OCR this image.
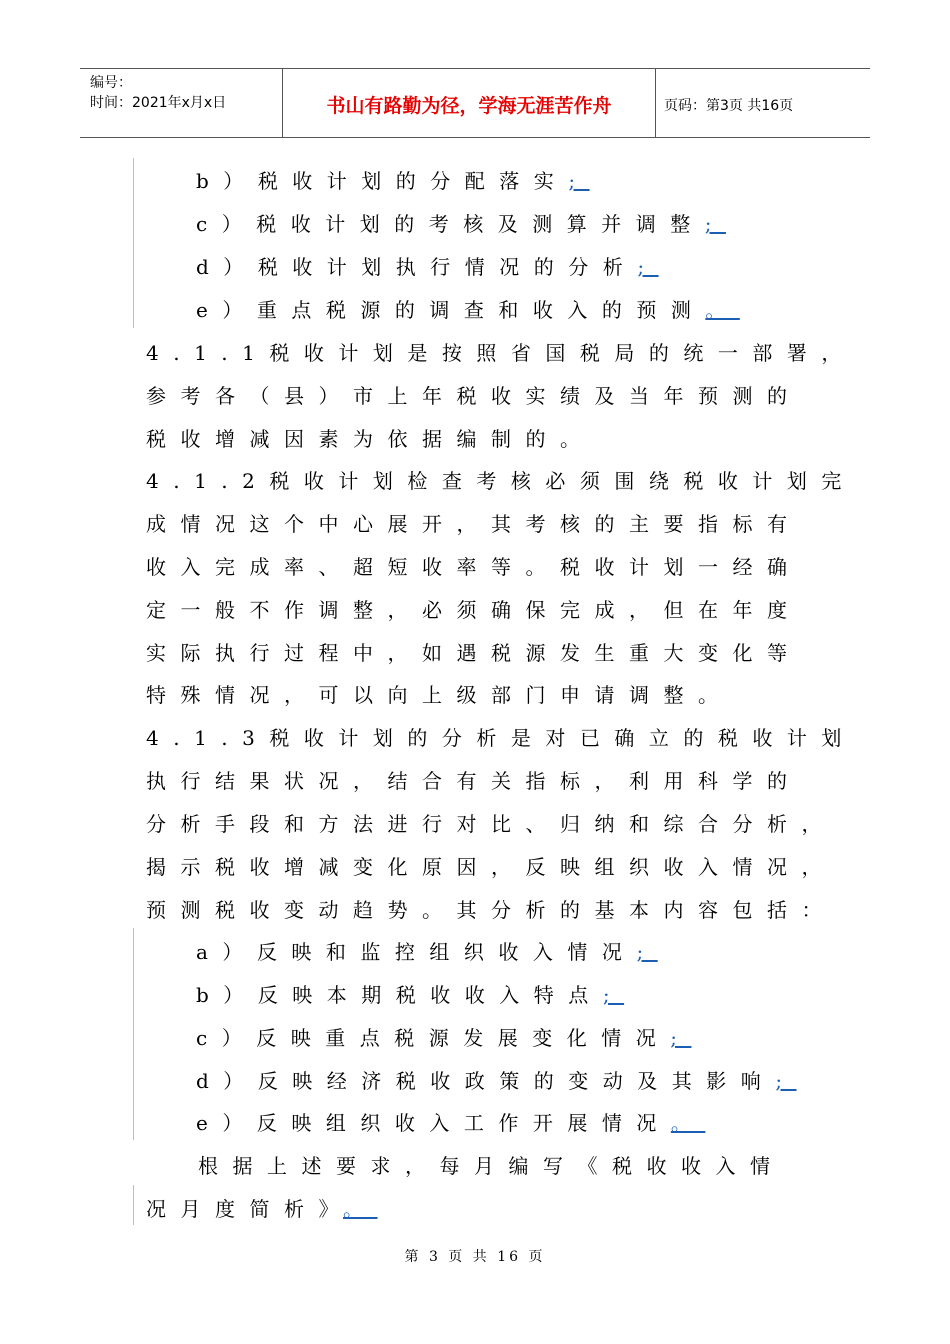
编号：
时间：2021年x月x日	书山有路勤为径，学海无涯苦作舟	页码：第3页 共16页
b）税收计划的分配落实;
c）税收计划的考核及测算并调整;
d）税收计划执行情况的分析;
e）重点税源的调查和收入的预测。
4.1.1税收计划是按照省国税局的统一部署，
参考各（县）市上年税收实绩及当年预测的
税收增减因素为依据编制的。
4.1.2税收计划检查考核必须围绕税收计划完
成情况这个中心展开，其考核的主要指标有
收入完成率、超短收率等。税收计划一经确
定一般不作调整，必须确保完成，但在年度
实际执行过程中，如遇税源发生重大变化等
特殊情况，可以向上级部门申请调整。
4.1.3税收计划的分析是对已确立的税收计划
执行结果状况，结合有关指标，利用科学的
分析手段和方法进行对比、归纳和综合分析，
揭示税收增减变化原因，反映组织收入情况，
预测税收变动趋势。其分析的基本内容包括：
a）反映和监控组织收入情况;
b）反映本期税收收入特点;
c）反映重点税源发展变化情况;
d）反映经济税收政策的变动及其影响;
e）反映组织收入工作开展情况。
根据上述要求，每月编写《税收收入情
况月度简析》。
第 3 页 共 16 页
